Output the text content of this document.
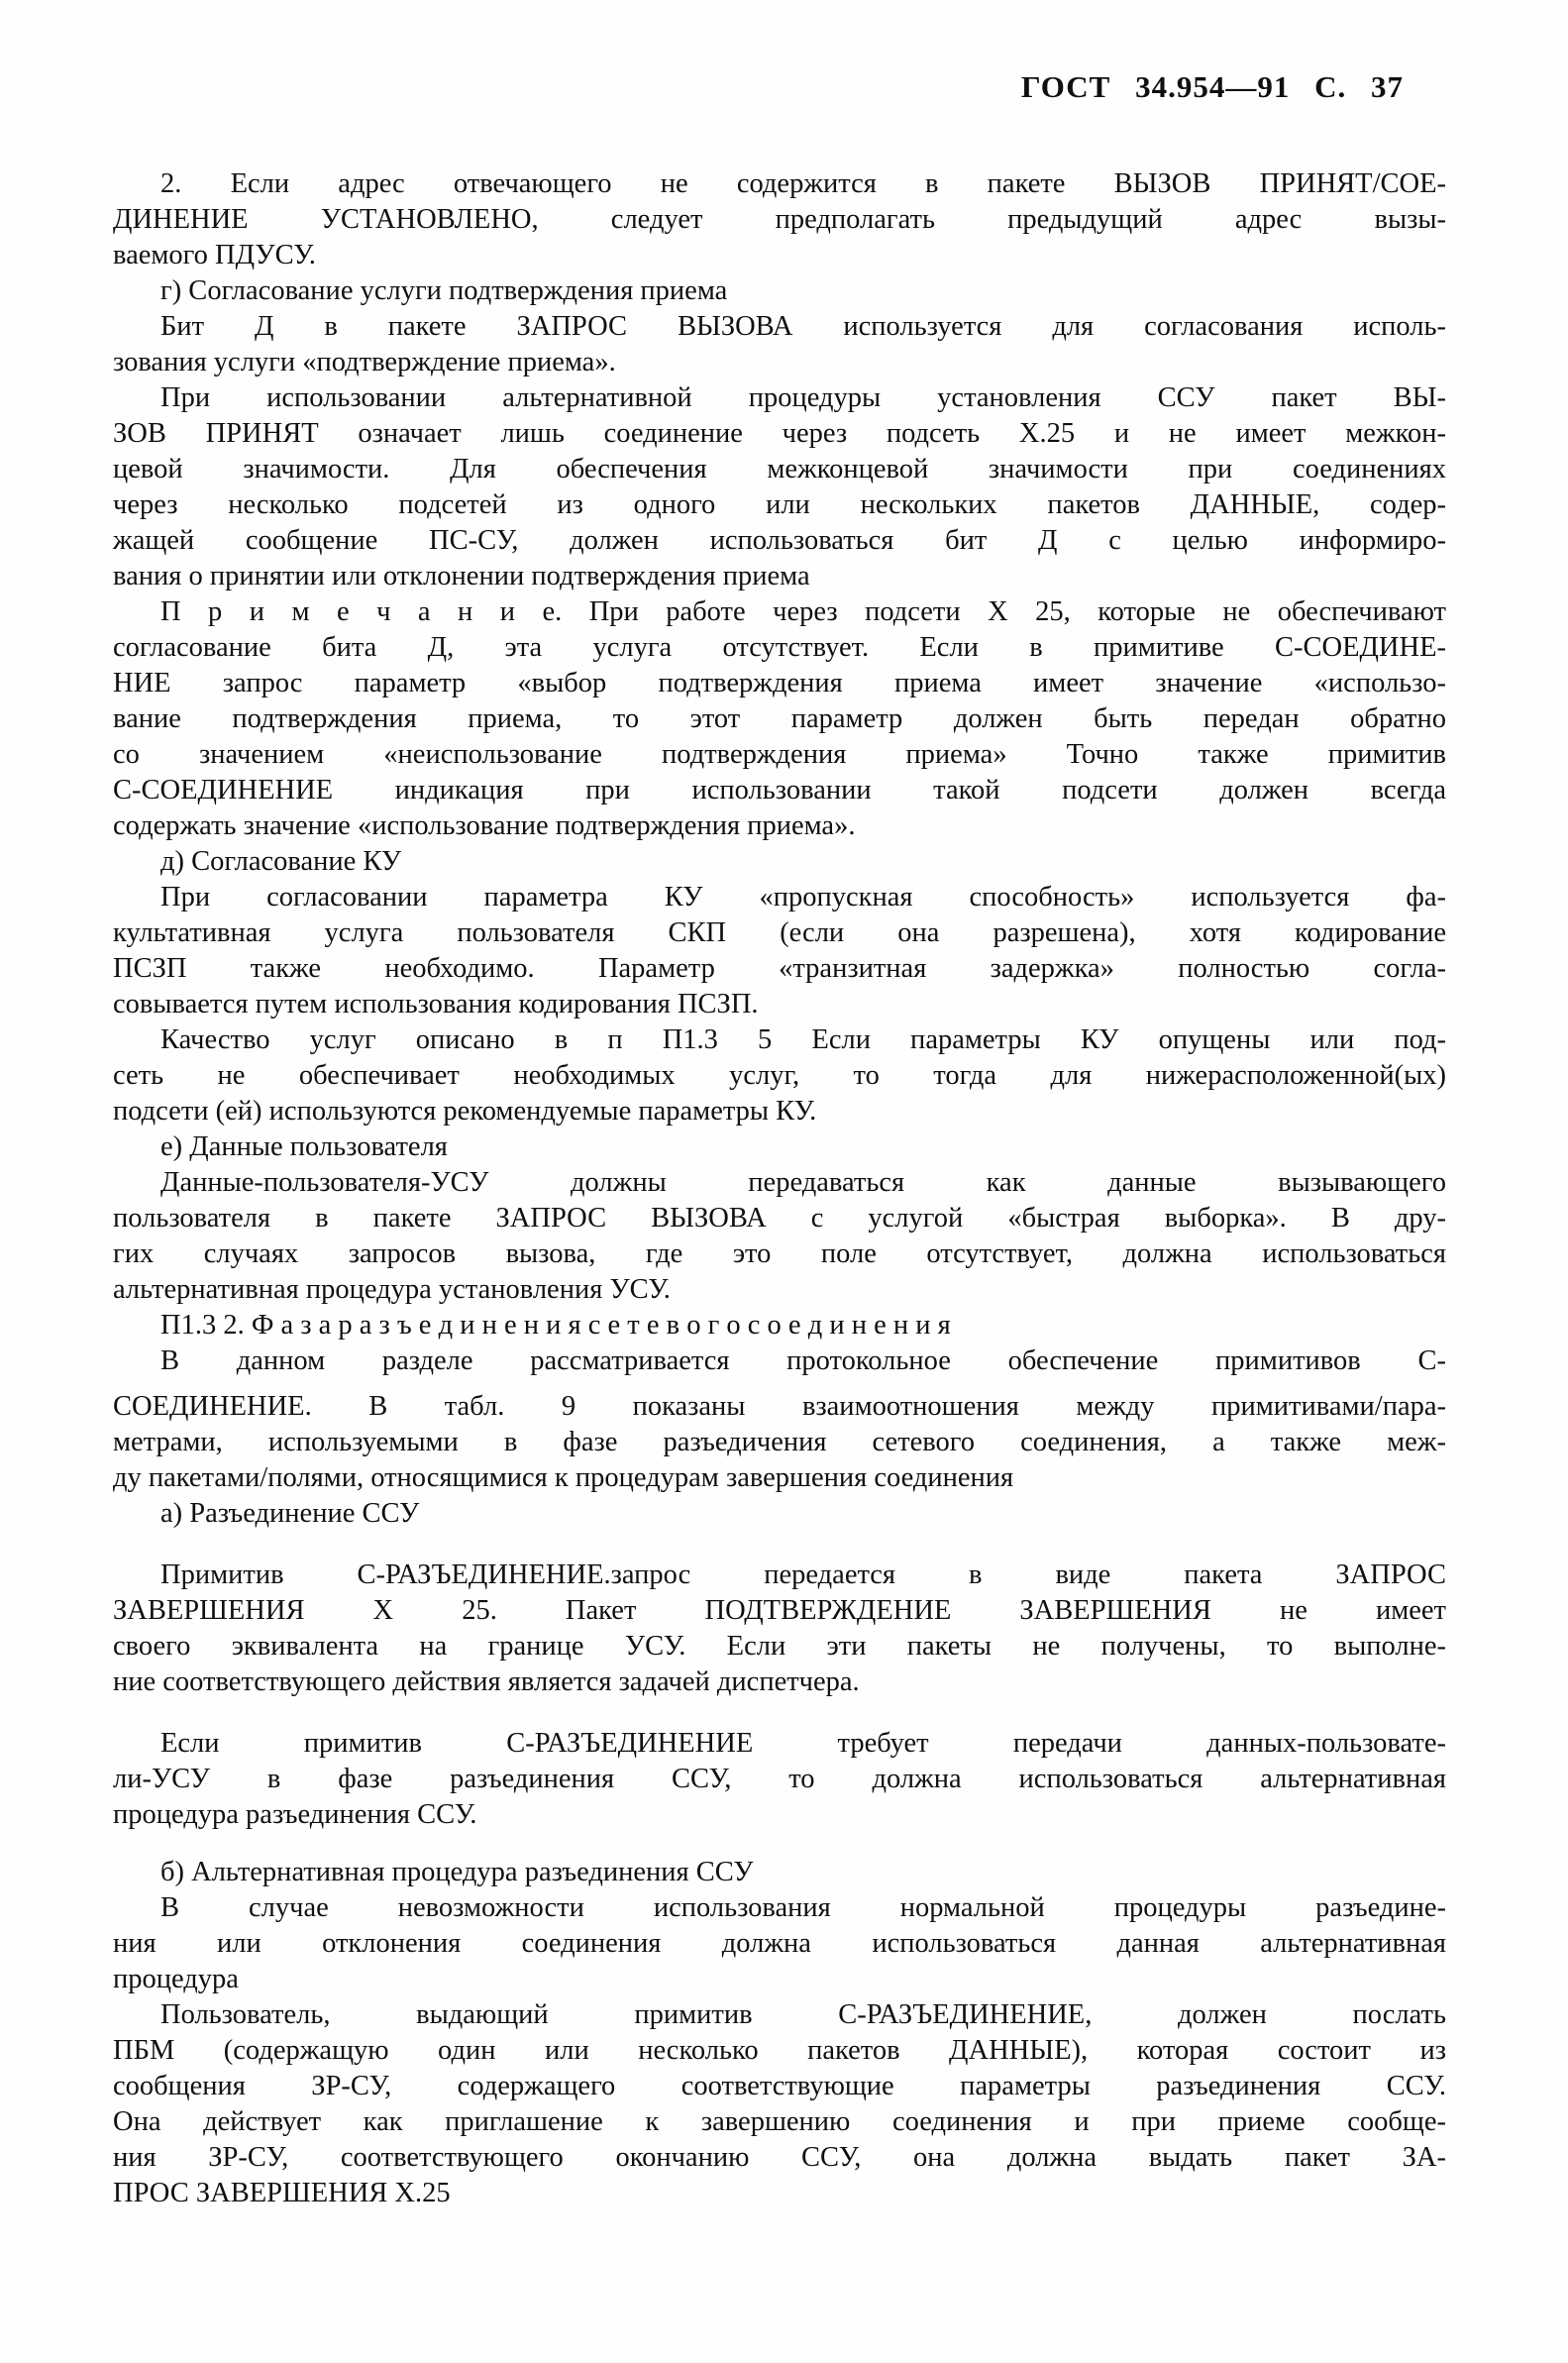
ГОСТ 34.954—91 С. 37
2. Если адрес отвечающего не содержится в пакете ВЫЗОВ ПРИНЯТ/СОЕ-
ДИНЕНИЕ УСТАНОВЛЕНО, следует предполагать предыдущий адрес вызы-
ваемого ПДУСУ.
г) Согласование услуги подтверждения приема
Бит Д в пакете ЗАПРОС ВЫЗОВА используется для согласования исполь-
зования услуги «подтверждение приема».
При использовании альтернативной процедуры установления ССУ пакет ВЫ-
ЗОВ ПРИНЯТ означает лишь соединение через подсеть Х.25 и не имеет межкон-
цевой значимости. Для обеспечения межконцевой значимости при соединениях
через несколько подсетей из одного или нескольких пакетов ДАННЫЕ, содер-
жащей сообщение ПС-СУ, должен использоваться бит Д с целью информиро-
вания о принятии или отклонении подтверждения приема
П р и м е ч а н и е. При работе через подсети Х 25, которые не обеспечивают
согласование бита Д, эта услуга отсутствует. Если в примитиве С-СОЕДИНЕ-
НИЕ запрос параметр «выбор подтверждения приема имеет значение «использо-
вание подтверждения приема, то этот параметр должен быть передан обратно
со значением «неиспользование подтверждения приема» Точно также примитив
С-СОЕДИНЕНИЕ индикация при использовании такой подсети должен всегда
содержать значение «использование подтверждения приема».
д) Согласование КУ
При согласовании параметра КУ «пропускная способность» используется фа-
культативная услуга пользователя СКП (если она разрешена), хотя кодирование
ПСЗП также необходимо. Параметр «транзитная задержка» полностью согла-
совывается путем использования кодирования ПСЗП.
Качество услуг описано в п П1.3 5 Если параметры КУ опущены или под-
сеть не обеспечивает необходимых услуг, то тогда для нижерасположенной(ых)
подсети (ей) используются рекомендуемые параметры КУ.
е) Данные пользователя
Данные-пользователя-УСУ должны передаваться как данные вызывающего
пользователя в пакете ЗАПРОС ВЫЗОВА с услугой «быстрая выборка». В дру-
гих случаях запросов вызова, где это поле отсутствует, должна использоваться
альтернативная процедура установления УСУ.
П1.3 2. Ф а з а р а з ъ е д и н е н и я с е т е в о г о с о е д и н е н и я
В данном разделе рассматривается протокольное обеспечение примитивов С-
СОЕДИНЕНИЕ. В табл. 9 показаны взаимоотношения между примитивами/пара-
метрами, используемыми в фазе разъедичения сетевого соединения, а также меж-
ду пакетами/полями, относящимися к процедурам завершения соединения
а) Разъединение ССУ
Примитив С-РАЗЪЕДИНЕНИЕ.запрос передается в виде пакета ЗАПРОС
ЗАВЕРШЕНИЯ Х 25. Пакет ПОДТВЕРЖДЕНИЕ ЗАВЕРШЕНИЯ не имеет
своего эквивалента на границе УСУ. Если эти пакеты не получены, то выполне-
ние соответствующего действия является задачей диспетчера.
Если примитив С-РАЗЪЕДИНЕНИЕ требует передачи данных-пользовате-
ли-УСУ в фазе разъединения ССУ, то должна использоваться альтернативная
процедура разъединения ССУ.
б) Альтернативная процедура разъединения ССУ
В случае невозможности использования нормальной процедуры разъедине-
ния или отклонения соединения должна использоваться данная альтернативная
процедура
Пользователь, выдающий примитив С-РАЗЪЕДИНЕНИЕ, должен послать
ПБМ (содержащую один или несколько пакетов ДАННЫЕ), которая состоит из
сообщения ЗР-СУ, содержащего соответствующие параметры разъединения ССУ.
Она действует как приглашение к завершению соединения и при приеме сообще-
ния ЗР-СУ, соответствующего окончанию ССУ, она должна выдать пакет ЗА-
ПРОС ЗАВЕРШЕНИЯ Х.25
